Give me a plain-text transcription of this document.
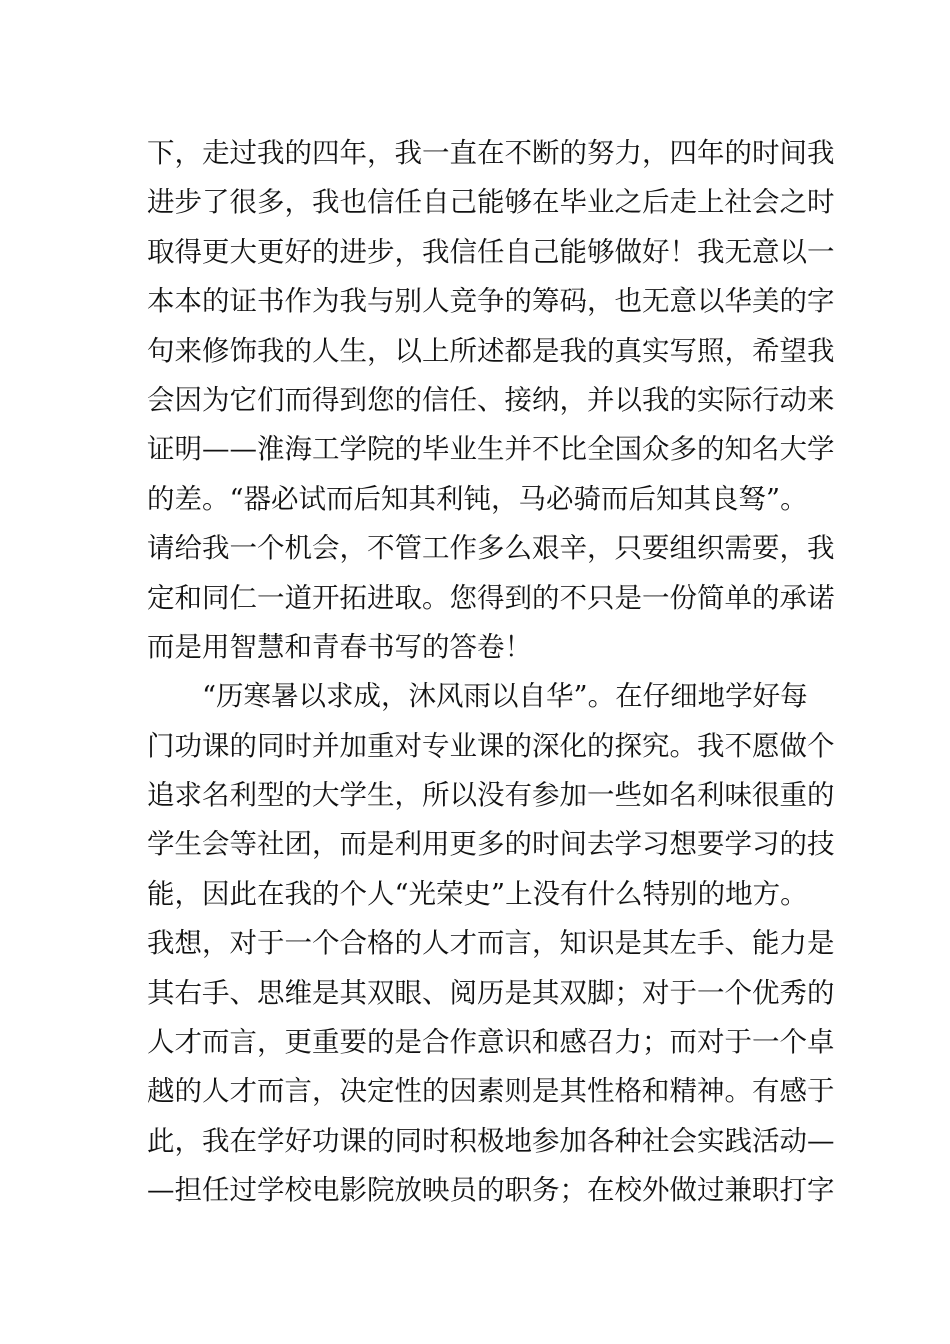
下，走过我的四年，我一直在不断的努力，四年的时间我
进步了很多，我也信任自己能够在毕业之后走上社会之时
取得更大更好的进步，我信任自己能够做好！我无意以一
本本的证书作为我与别人竞争的筹码，也无意以华美的字
句来修饰我的人生，以上所述都是我的真实写照，希望我
会因为它们而得到您的信任、接纳，并以我的实际行动来
证明——淮海工学院的毕业生并不比全国众多的知名大学
的差。“器必试而后知其利钝，马必骑而后知其良驽”。
请给我一个机会，不管工作多么艰辛，只要组织需要，我
定和同仁一道开拓进取。您得到的不只是一份简单的承诺
而是用智慧和青春书写的答卷！
　　“历寒暑以求成，沐风雨以自华”。在仔细地学好每
门功课的同时并加重对专业课的深化的探究。我不愿做个
追求名利型的大学生，所以没有参加一些如名利味很重的
学生会等社团，而是利用更多的时间去学习想要学习的技
能，因此在我的个人“光荣史”上没有什么特别的地方。
我想，对于一个合格的人才而言，知识是其左手、能力是
其右手、思维是其双眼、阅历是其双脚；对于一个优秀的
人才而言，更重要的是合作意识和感召力；而对于一个卓
越的人才而言，决定性的因素则是其性格和精神。有感于
此，我在学好功课的同时积极地参加各种社会实践活动—
—担任过学校电影院放映员的职务；在校外做过兼职打字
